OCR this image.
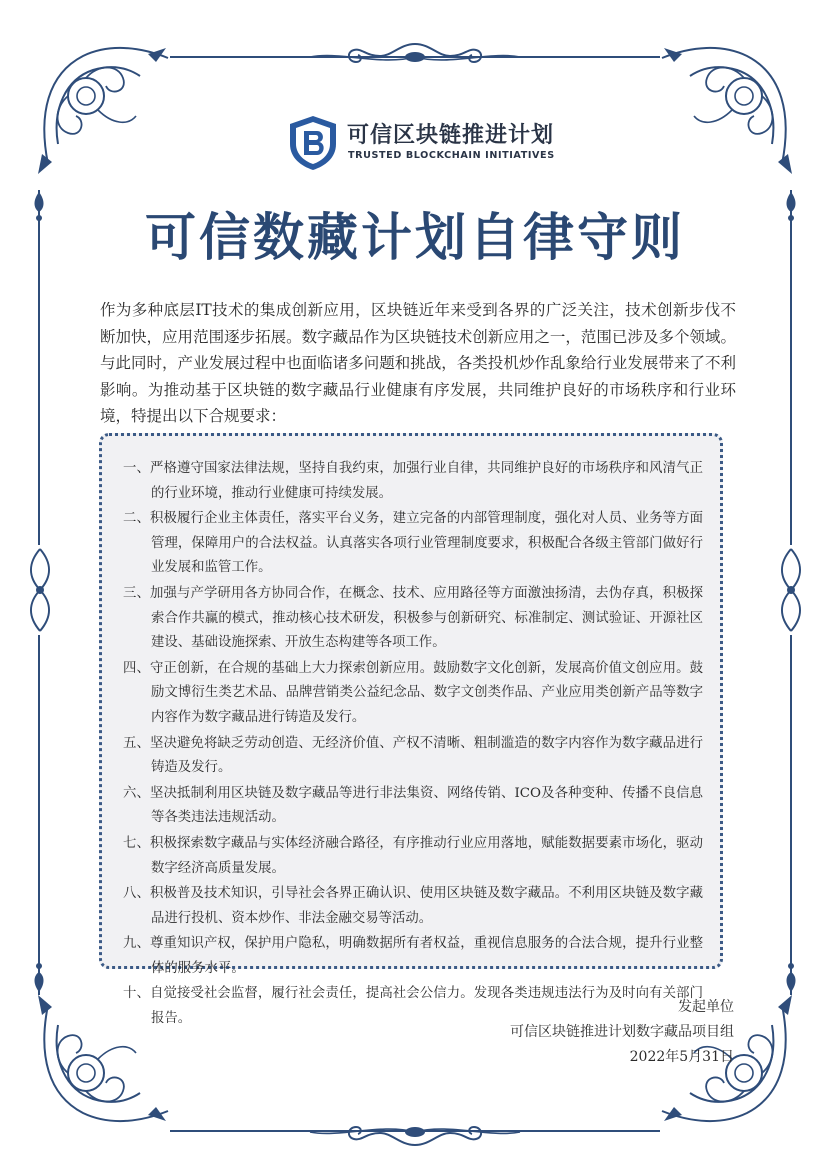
可信区块链推进计划
TRUSTED BLOCKCHAIN INITIATIVES
可信数藏计划自律守则
作为多种底层IT技术的集成创新应用，区块链近年来受到各界的广泛关注，技术创新步伐不断加快，应用范围逐步拓展。数字藏品作为区块链技术创新应用之一，范围已涉及多个领域。与此同时，产业发展过程中也面临诸多问题和挑战，各类投机炒作乱象给行业发展带来了不利影响。为推动基于区块链的数字藏品行业健康有序发展，共同维护良好的市场秩序和行业环境，特提出以下合规要求：
一、严格遵守国家法律法规，坚持自我约束，加强行业自律，共同维护良好的市场秩序和风清气正的行业环境，推动行业健康可持续发展。
二、积极履行企业主体责任，落实平台义务，建立完备的内部管理制度，强化对人员、业务等方面管理，保障用户的合法权益。认真落实各项行业管理制度要求，积极配合各级主管部门做好行业发展和监管工作。
三、加强与产学研用各方协同合作，在概念、技术、应用路径等方面激浊扬清，去伪存真，积极探索合作共赢的模式，推动核心技术研发，积极参与创新研究、标准制定、测试验证、开源社区建设、基础设施探索、开放生态构建等各项工作。
四、守正创新，在合规的基础上大力探索创新应用。鼓励数字文化创新，发展高价值文创应用。鼓励文博衍生类艺术品、品牌营销类公益纪念品、数字文创类作品、产业应用类创新产品等数字内容作为数字藏品进行铸造及发行。
五、坚决避免将缺乏劳动创造、无经济价值、产权不清晰、粗制滥造的数字内容作为数字藏品进行铸造及发行。
六、坚决抵制利用区块链及数字藏品等进行非法集资、网络传销、ICO及各种变种、传播不良信息等各类违法违规活动。
七、积极探索数字藏品与实体经济融合路径，有序推动行业应用落地，赋能数据要素市场化，驱动数字经济高质量发展。
八、积极普及技术知识，引导社会各界正确认识、使用区块链及数字藏品。不利用区块链及数字藏品进行投机、资本炒作、非法金融交易等活动。
九、尊重知识产权，保护用户隐私，明确数据所有者权益，重视信息服务的合法合规，提升行业整体的服务水平。
十、自觉接受社会监督，履行社会责任，提高社会公信力。发现各类违规违法行为及时向有关部门报告。
发起单位
可信区块链推进计划数字藏品项目组
2022年5月31日
